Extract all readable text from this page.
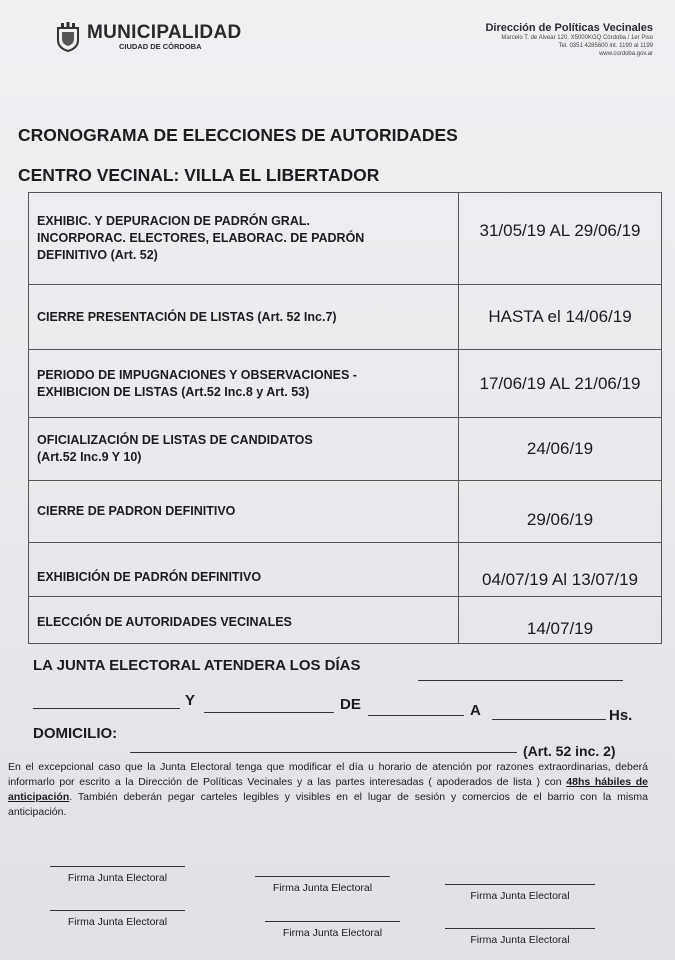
MUNICIPALIDAD
CIUDAD DE CÓRDOBA
Dirección de Políticas Vecinales
Marcelo T. de Alvear 120. X5000KGQ Córdoba / 1er Piso
Tel. 0351 4285600 int. 1190 al 1199
www.cordoba.gov.ar
CRONOGRAMA DE ELECCIONES DE AUTORIDADES
CENTRO VECINAL: VILLA EL LIBERTADOR
EXHIBIC. Y DEPURACION DE PADRÓN GRAL.
INCORPORAC. ELECTORES, ELABORAC. DE PADRÓN
DEFINITIVO (Art. 52)
31/05/19 AL 29/06/19
CIERRE PRESENTACIÓN DE LISTAS (Art. 52 Inc.7)	HASTA el 14/06/19
PERIODO DE IMPUGNACIONES Y OBSERVACIONES -
EXHIBICION DE LISTAS (Art.52 Inc.8 y Art. 53)	17/06/19 AL 21/06/19
OFICIALIZACIÓN DE LISTAS DE CANDIDATOS
(Art.52 Inc.9 Y 10)	24/06/19
CIERRE DE PADRON DEFINITIVO	29/06/19
EXHIBICIÓN DE PADRÓN DEFINITIVO	04/07/19 Al 13/07/19
ELECCIÓN DE AUTORIDADES VECINALES	14/07/19
LA JUNTA ELECTORAL ATENDERA LOS DÍAS
Y	DE	A	Hs.
DOMICILIO:
(Art. 52 inc. 2)
En el excepcional caso que la Junta Electoral tenga que modificar el día u horario de atención por razones extraordinarias, deberá informarlo por escrito a la Dirección de Políticas Vecinales y a las partes interesadas ( apoderados de lista ) con 48hs hábiles de anticipación. También deberán pegar carteles legibles y visibles en el lugar de sesión y comercios de el barrio con la misma anticipación.
Firma Junta Electoral
Firma Junta Electoral
Firma Junta Electoral
Firma Junta Electoral
Firma Junta Electoral
Firma Junta Electoral
